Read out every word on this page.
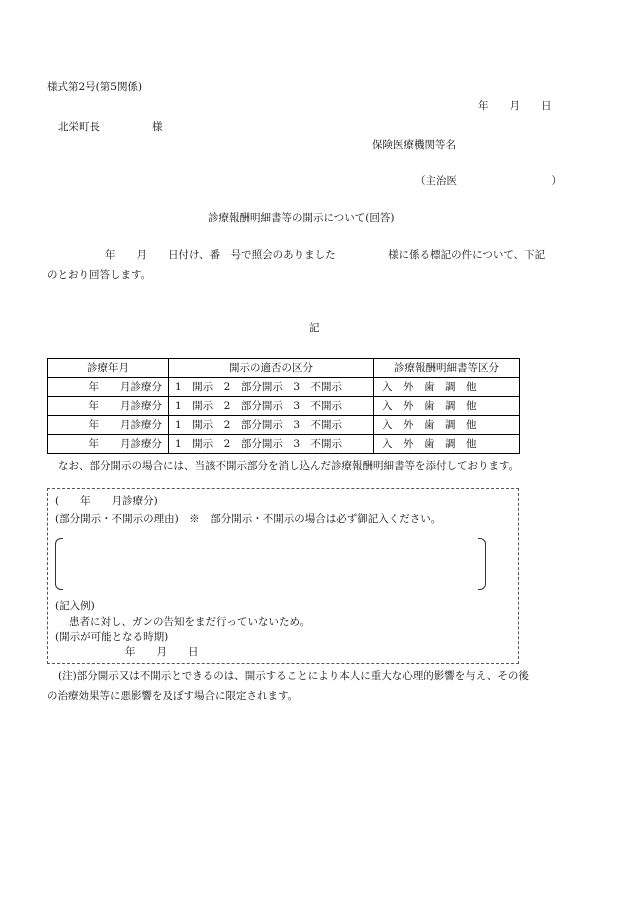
様式第2号(第5関係)
年　　月　　日
北栄町長	様
保険医療機関等名
（主治医　　　　　　　　　）
診療報酬明細書等の開示について(回答)
年　　月　　日付け、番　号で照会のありました　　　　　様に係る標記の件について、下記
のとおり回答します。
記
診療年月	開示の適否の区分	診療報酬明細書等区分
年　　月診療分	1　開示　2　部分開示　3　不開示	入　外　歯　調　他
年　　月診療分	1　開示　2　部分開示　3　不開示	入　外　歯　調　他
年　　月診療分	1　開示　2　部分開示　3　不開示	入　外　歯　調　他
年　　月診療分	1　開示　2　部分開示　3　不開示	入　外　歯　調　他
なお、部分開示の場合には、当該不開示部分を消し込んだ診療報酬明細書等を添付しております。
(　　年　　月診療分)
(部分開示・不開示の理由)　※　部分開示・不開示の場合は必ず御記入ください。
(記入例)
患者に対し、ガンの告知をまだ行っていないため。
(開示が可能となる時期)
年　　月　　日
(注)部分開示又は不開示とできるのは、開示することにより本人に重大な心理的影響を与え、その後
の治療効果等に悪影響を及ぼす場合に限定されます。
